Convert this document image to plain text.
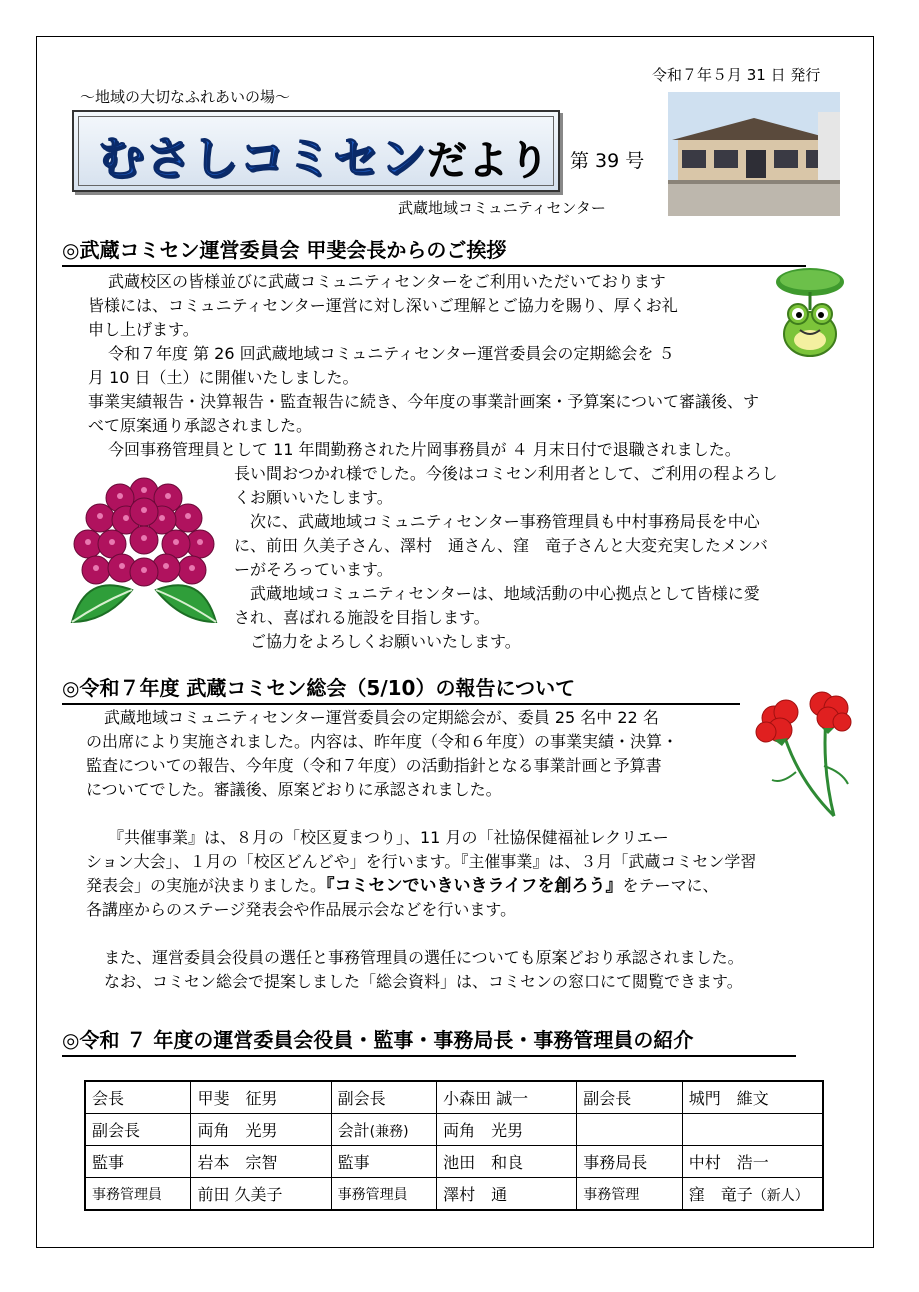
令和７年５月 31 日 発行
～地域の大切なふれあいの場～
むさしコミセンだより 第 39 号
武蔵地域コミュニティセンター
◎武蔵コミセン運営委員会 甲斐会長からのご挨拶
武蔵校区の皆様並びに武蔵コミュニティセンターをご利用いただいております
皆様には、コミュニティセンター運営に対し深いご理解とご協力を賜り、厚くお礼
申し上げます。
令和７年度 第 26 回武蔵地域コミュニティセンター運営委員会の定期総会を ５
月 10 日（土）に開催いたしました。
事業実績報告・決算報告・監査報告に続き、今年度の事業計画案・予算案について審議後、す
べて原案通り承認されました。
今回事務管理員として 11 年間勤務された片岡事務員が ４ 月末日付で退職されました。
長い間おつかれ様でした。今後はコミセン利用者として、ご利用の程よろし
くお願いいたします。
次に、武蔵地域コミュニティセンター事務管理員も中村事務局長を中心
に、前田 久美子さん、澤村　通さん、窪　竜子さんと大変充実したメンバ
ーがそろっています。
武蔵地域コミュニティセンターは、地域活動の中心拠点として皆様に愛
され、喜ばれる施設を目指します。
ご協力をよろしくお願いいたします。
◎令和７年度 武蔵コミセン総会（5/10）の報告について
武蔵地域コミュニティセンター運営委員会の定期総会が、委員 25 名中 22 名
の出席により実施されました。内容は、昨年度（令和６年度）の事業実績・決算・
監査についての報告、今年度（令和７年度）の活動指針となる事業計画と予算書
についてでした。審議後、原案どおりに承認されました。
『共催事業』は、８月の「校区夏まつり」、11 月の「社協保健福祉レクリエー
ション大会」、１月の「校区どんどや」を行います。『主催事業』は、３月「武蔵コミセン学習
発表会」の実施が決まりました。『コミセンでいきいきライフを創ろう』をテーマに、
各講座からのステージ発表会や作品展示会などを行います。
また、運営委員会役員の選任と事務管理員の選任についても原案どおり承認されました。
なお、コミセン総会で提案しました「総会資料」は、コミセンの窓口にて閲覧できます。
◎令和 ７ 年度の運営委員会役員・監事・事務局長・事務管理員の紹介
会長	甲斐　征男	副会長	小森田 誠一	副会長	城門　維文
副会長	両角　光男	会計(兼務)	両角　光男		
監事	岩本　宗智	監事	池田　和良	事務局長	中村　浩一
事務管理員	前田 久美子	事務管理員	澤村　通	事務管理	窪　竜子（新人）
